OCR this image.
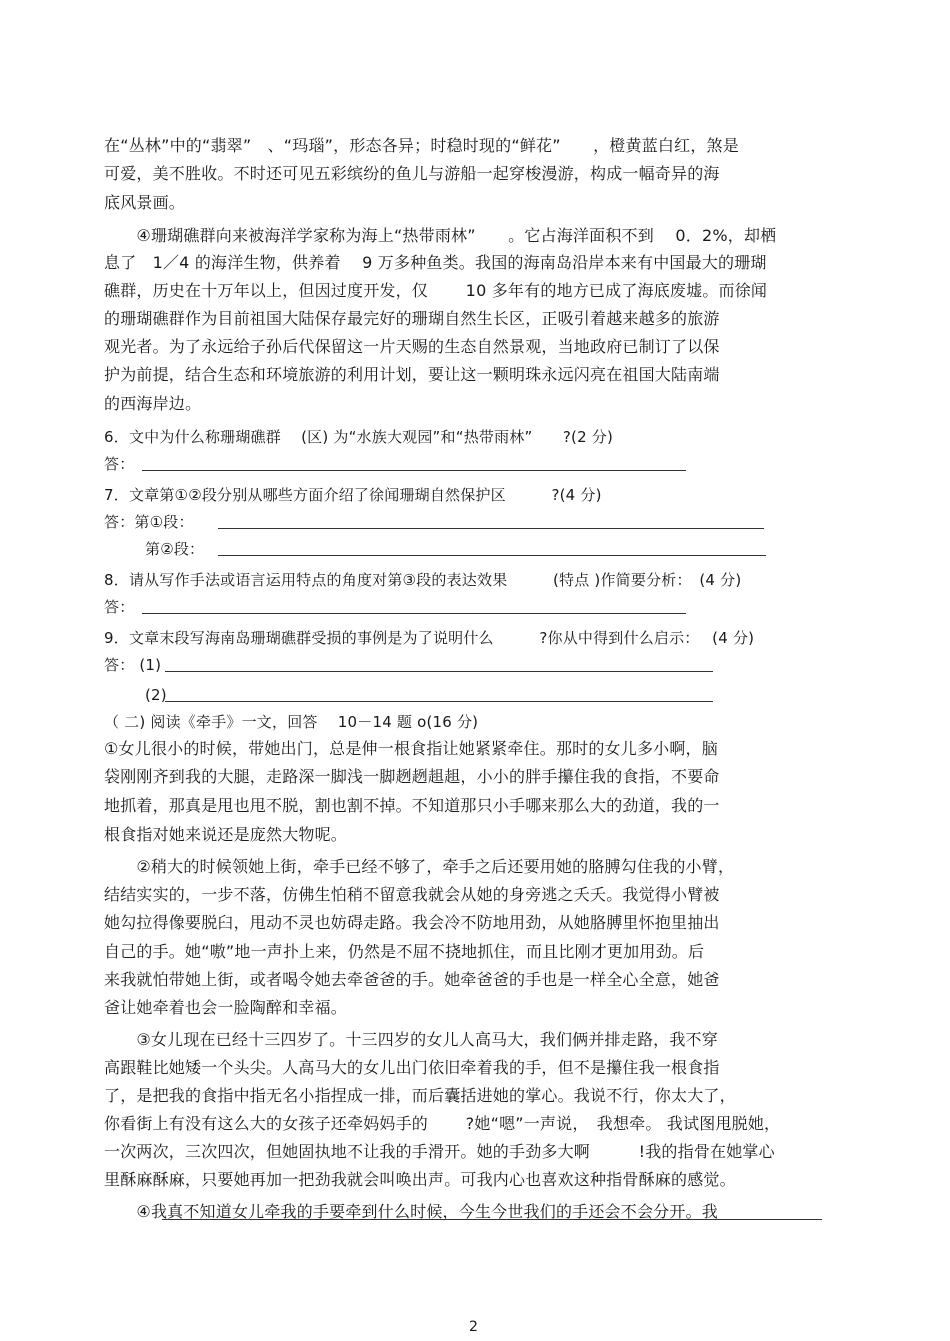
在“丛林”中的“翡翠”　、“玛瑙”，形态各异；时稳时现的“鲜花”　　，橙黄蓝白红，煞是
可爱，美不胜收。不时还可见五彩缤纷的鱼儿与游船一起穿梭漫游，构成一幅奇异的海
底风景画。
　　④珊瑚礁群向来被海洋学家称为海上“热带雨林”　　。它占海洋面积不到　 0．2%，却栖
息了　1／4 的海洋生物，供养着　 9 万多种鱼类。我国的海南岛沿岸本来有中国最大的珊瑚
礁群，历史在十万年以上，但因过度开发，仅　　 10 多年有的地方已成了海底废墟。而徐闻
的珊瑚礁群作为目前祖国大陆保存最完好的珊瑚自然生长区，正吸引着越来越多的旅游
观光者。为了永远给子孙后代保留这一片天赐的生态自然景观，当地政府已制订了以保
护为前提，结合生态和环境旅游的利用计划，要让这一颗明珠永远闪亮在祖国大陆南端
的西海岸边。
6．文中为什么称珊瑚礁群　 (区) 为“水族大观园”和“热带雨林”　　?(2 分)
答：
7．文章第①②段分别从哪些方面介绍了徐闻珊瑚自然保护区　　　?(4 分)
答：第①段：
第②段：
8．请从写作手法或语言运用特点的角度对第③段的表达效果　　　(特点 )作简要分析：　(4 分)
答：
9．文章末段写海南岛珊瑚礁群受损的事例是为了说明什么　　　?你从中得到什么启示：　 (4 分)
答： (1)
(2)
（ 二) 阅读《牵手》一文，回答　 10－14 题 o(16 分)
①女儿很小的时候，带她出门，总是伸一根食指让她紧紧牵住。那时的女儿多小啊，脑
袋刚刚齐到我的大腿，走路深一脚浅一脚趔趔趄趄，小小的胖手攥住我的食指，不要命
地抓着，那真是甩也甩不脱，割也割不掉。不知道那只小手哪来那么大的劲道，我的一
根食指对她来说还是庞然大物呢。
　　②稍大的时候领她上街，牵手已经不够了，牵手之后还要用她的胳膊勾住我的小臂，
结结实实的，一步不落，仿佛生怕稍不留意我就会从她的身旁逃之夭夭。我觉得小臂被
她勾拉得像要脱臼，甩动不灵也妨碍走路。我会冷不防地用劲，从她胳膊里怀抱里抽出
自己的手。她“嗷”地一声扑上来，仍然是不屈不挠地抓住，而且比刚才更加用劲。后
来我就怕带她上街，或者喝令她去牵爸爸的手。她牵爸爸的手也是一样全心全意，她爸
爸让她牵着也会一脸陶醉和幸福。
　　③女儿现在已经十三四岁了。十三四岁的女儿人高马大，我们俩并排走路，我不穿
高跟鞋比她矮一个头尖。人高马大的女儿出门依旧牵着我的手，但不是攥住我一根食指
了，是把我的食指中指无名小指捏成一排，而后囊括进她的掌心。我说不行，你太大了，
你看街上有没有这么大的女孩子还牵妈妈手的　　 ?她“嗯”一声说，　我想牵。 我试图甩脱她，
一次两次，三次四次，但她固执地不让我的手滑开。她的手劲多大啊　　　!我的指骨在她掌心
里酥麻酥麻，只要她再加一把劲我就会叫唤出声。可我内心也喜欢这种指骨酥麻的感觉。
　　④我真不知道女儿牵我的手要牵到什么时候，今生今世我们的手还会不会分开。我
2
